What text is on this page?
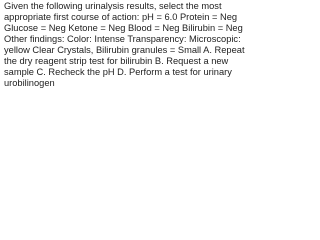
Given the following urinalysis results, select the most appropriate first course of action: pH = 6.0 Protein = Neg Glucose = Neg Ketone = Neg Blood = Neg Bilirubin = Neg Other findings: Color: Intense Transparency: Microscopic: yellow Clear Crystals, Bilirubin granules = Small A. Repeat the dry reagent strip test for bilirubin B. Request a new sample C. Recheck the pH D. Perform a test for urinary urobilinogen
